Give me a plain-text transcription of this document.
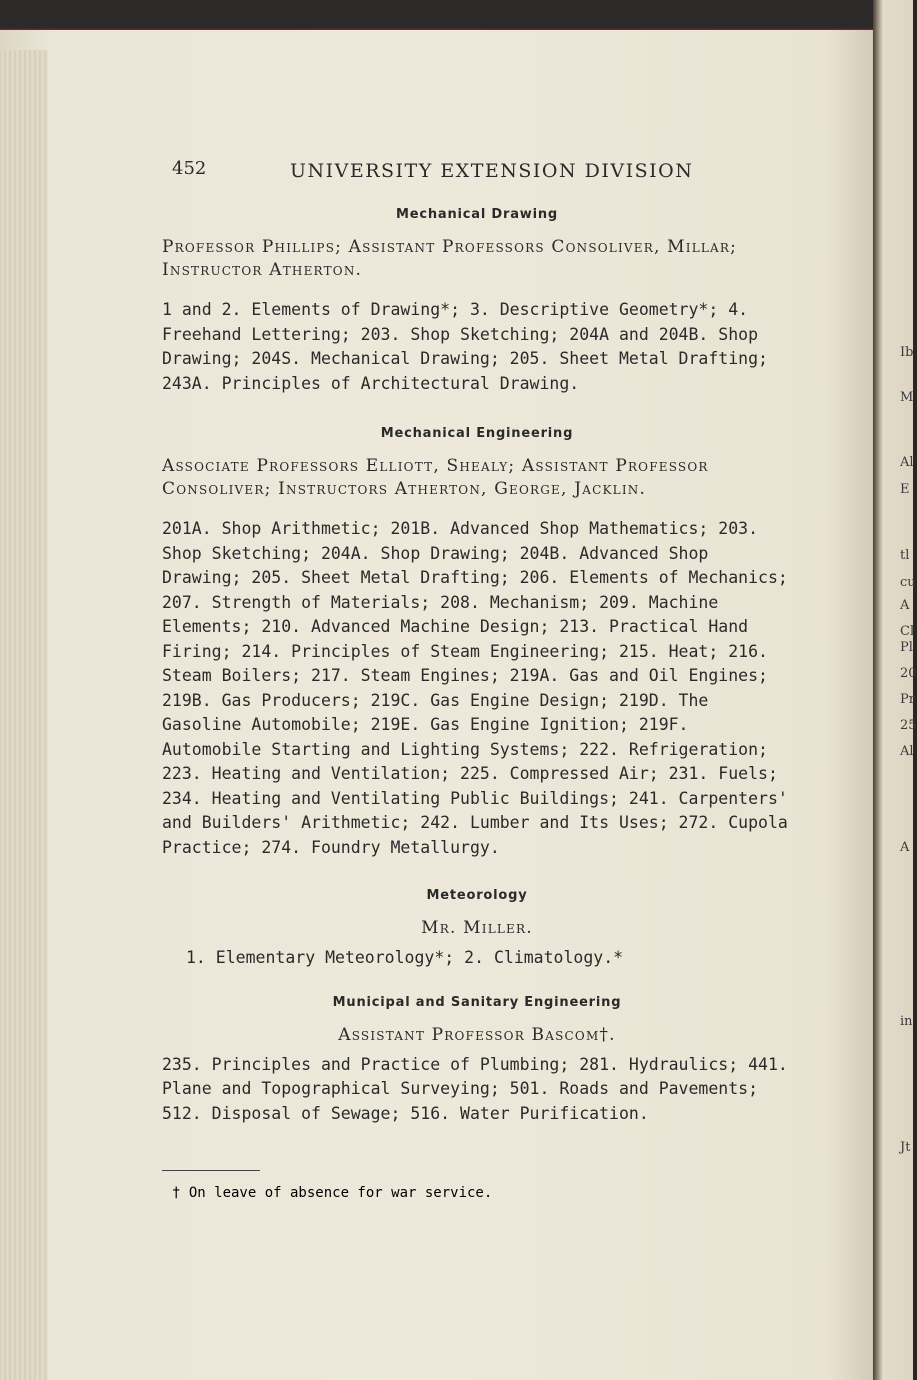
452	UNIVERSITY EXTENSION DIVISION
Mechanical Drawing
Professor Phillips; Assistant Professors Consoliver, Millar; Instructor Atherton.
1 and 2. Elements of Drawing*; 3. Descriptive Geometry*; 4. Freehand Lettering; 203. Shop Sketching; 204A and 204B. Shop Drawing; 204S. Mechanical Drawing; 205. Sheet Metal Drafting; 243A. Principles of Architectural Drawing.
Mechanical Engineering
Associate Professors Elliott, Shealy; Assistant Professor Consoliver; Instructors Atherton, George, Jacklin.
201A. Shop Arithmetic; 201B. Advanced Shop Mathematics; 203. Shop Sketching; 204A. Shop Drawing; 204B. Advanced Shop Drawing; 205. Sheet Metal Drafting; 206. Elements of Mechanics; 207. Strength of Materials; 208. Mechanism; 209. Machine Elements; 210. Advanced Machine Design; 213. Practical Hand Firing; 214. Principles of Steam Engineering; 215. Heat; 216. Steam Boilers; 217. Steam Engines; 219A. Gas and Oil Engines; 219B. Gas Producers; 219C. Gas Engine Design; 219D. The Gasoline Automobile; 219E. Gas Engine Ignition; 219F. Automobile Starting and Lighting Systems; 222. Refrigeration; 223. Heating and Ventilation; 225. Compressed Air; 231. Fuels; 234. Heating and Ventilating Public Buildings; 241. Carpenters' and Builders' Arithmetic; 242. Lumber and Its Uses; 272. Cupola Practice; 274. Foundry Metallurgy.
Meteorology
Mr. Miller.
1. Elementary Meteorology*; 2. Climatology.*
Municipal and Sanitary Engineering
Assistant Professor Bascom†.
235. Principles and Practice of Plumbing; 281. Hydraulics; 441. Plane and Topographical Surveying; 501. Roads and Pavements; 512. Disposal of Sewage; 516. Water Purification.
† On leave of absence for war service.
Ib
M
Al
E
tl
cu
A
Cl
Pl
20
Pr
25
Al
A
in
Jt
